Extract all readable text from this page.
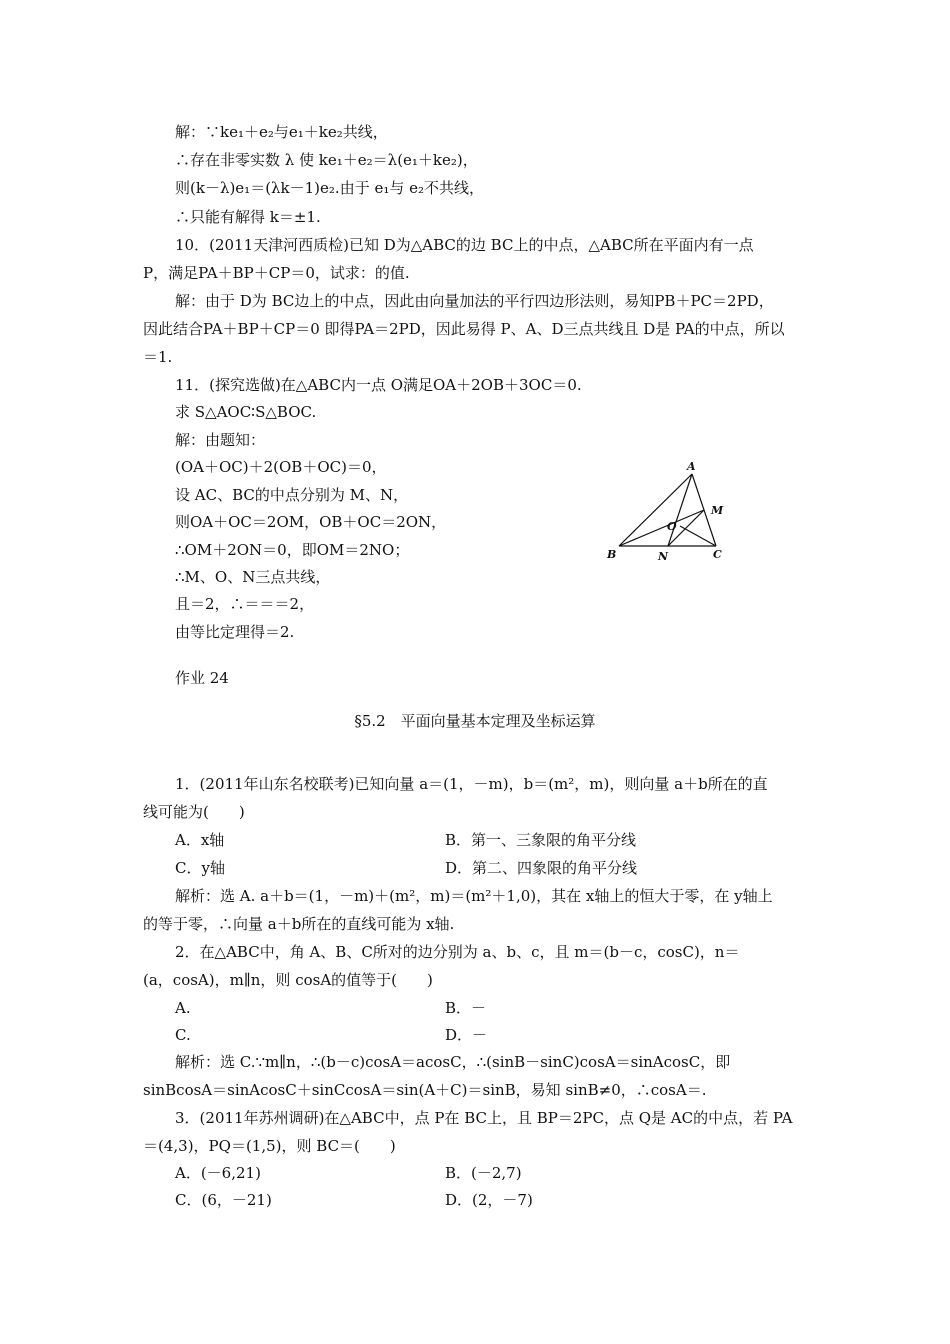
解：∵ke₁＋e₂与e₁＋ke₂共线，
∴存在非零实数 λ 使 ke₁＋e₂＝λ(e₁＋ke₂)，
则(k－λ)e₁＝(λk－1)e₂.由于 e₁与 e₂不共线，
∴只能有解得 k＝±1.
10．(2011天津河西质检)已知 D为△ABC的边 BC上的中点，△ABC所在平面内有一点
P，满足PA＋BP＋CP＝0，试求：的值.
解：由于 D为 BC边上的中点，因此由向量加法的平行四边形法则，易知PB＋PC＝2PD，
因此结合PA＋BP＋CP＝0 即得PA＝2PD，因此易得 P、A、D三点共线且 D是 PA的中点，所以
＝1.
11．(探究选做)在△ABC内一点 O满足OA＋2OB＋3OC＝0.
求 S△AOC∶S△BOC.
解：由题知：
(OA＋OC)＋2(OB＋OC)＝0，
设 AC、BC的中点分别为 M、N，
则OA＋OC＝2OM，OB＋OC＝2ON，
∴OM＋2ON＝0，即OM＝2NO；
∴M、O、N三点共线，
且＝2，∴＝＝＝2，
由等比定理得＝2.
A
B	C
M
N
O
作业 24
§5.2　平面向量基本定理及坐标运算
1．(2011年山东名校联考)已知向量 a＝(1，－m)，b＝(m²，m)，则向量 a＋b所在的直
线可能为(　　)
A．x轴	B．第一、三象限的角平分线
C．y轴	D．第二、四象限的角平分线
解析：选 A. a＋b＝(1，－m)＋(m²，m)＝(m²＋1,0)，其在 x轴上的恒大于零，在 y轴上
的等于零，∴向量 a＋b所在的直线可能为 x轴.
2．在△ABC中，角 A、B、C所对的边分别为 a、b、c，且 m＝(b－c，cosC)，n＝
(a，cosA)，m∥n，则 cosA的值等于(　　)
A.	B．－
C.	D．－
解析：选 C.∵m∥n，∴(b－c)cosA＝acosC，∴(sinB－sinC)cosA＝sinAcosC，即
sinBcosA＝sinAcosC＋sinCcosA＝sin(A＋C)＝sinB，易知 sinB≠0，∴cosA＝.
3．(2011年苏州调研)在△ABC中，点 P在 BC上，且 BP＝2PC，点 Q是 AC的中点，若 PA
＝(4,3)，PQ＝(1,5)，则 BC＝(　　)
A．(－6,21)	B．(－2,7)
C．(6，－21)	D．(2，－7)
